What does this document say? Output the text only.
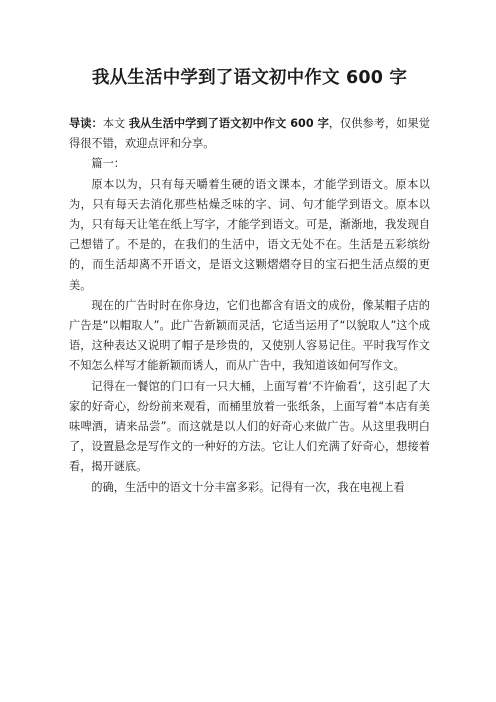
我从生活中学到了语文初中作文 600 字

导读：本文 我从生活中学到了语文初中作文 600 字，仅供参考，如果觉得很不错，欢迎点评和分享。

篇一：

原本以为，只有每天嚼着生硬的语文课本，才能学到语文。原本以为，只有每天去消化那些枯燥乏味的字、词、句才能学到语文。原本以为，只有每天让笔在纸上写字，才能学到语文。可是，渐渐地，我发现自己想错了。不是的，在我们的生活中，语文无处不在。生活是五彩缤纷的，而生活却离不开语文，是语文这颗熠熠夺目的宝石把生活点缀的更美。

现在的广告时时在你身边，它们也都含有语文的成份，像某帽子店的广告是“以帽取人”。此广告新颖而灵活，它适当运用了“以貌取人”这个成语，这种表达又说明了帽子是珍贵的，又使别人容易记住。平时我写作文不知怎么样写才能新颖而诱人，而从广告中，我知道该如何写作文。

记得在一餐馆的门口有一只大桶，上面写着‘不许偷看’，这引起了大家的好奇心，纷纷前来观看，而桶里放着一张纸条，上面写着“本店有美味啤酒，请来品尝”。而这就是以人们的好奇心来做广告。从这里我明白了，设置悬念是写作文的一种好的方法。它让人们充满了好奇心，想接着看，揭开谜底。

的确，生活中的语文十分丰富多彩。记得有一次，我在电视上看
